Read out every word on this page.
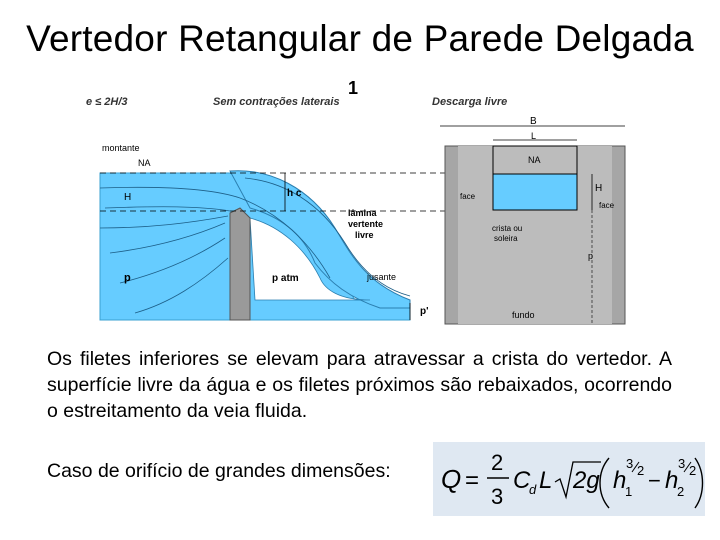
Vertedor Retangular de Parede Delgada
e ≤ 2H/3
1
Sem contrações laterais	Descarga livre
montante
NA
H	h c
lâmina
vertente
livre
p	p atm	jusante
p'
B
L
NA
H
face
face
crista ou
soleira
p
fundo
Os filetes inferiores se elevam para atravessar a crista do vertedor. A superfície livre da água e os filetes próximos são rebaixados, ocorrendo o estreitamento da veia fluida.
Caso de orifício de grandes dimensões: Q =
2
3
C
d L 2g h
1
3 2 − h
2
3 2
